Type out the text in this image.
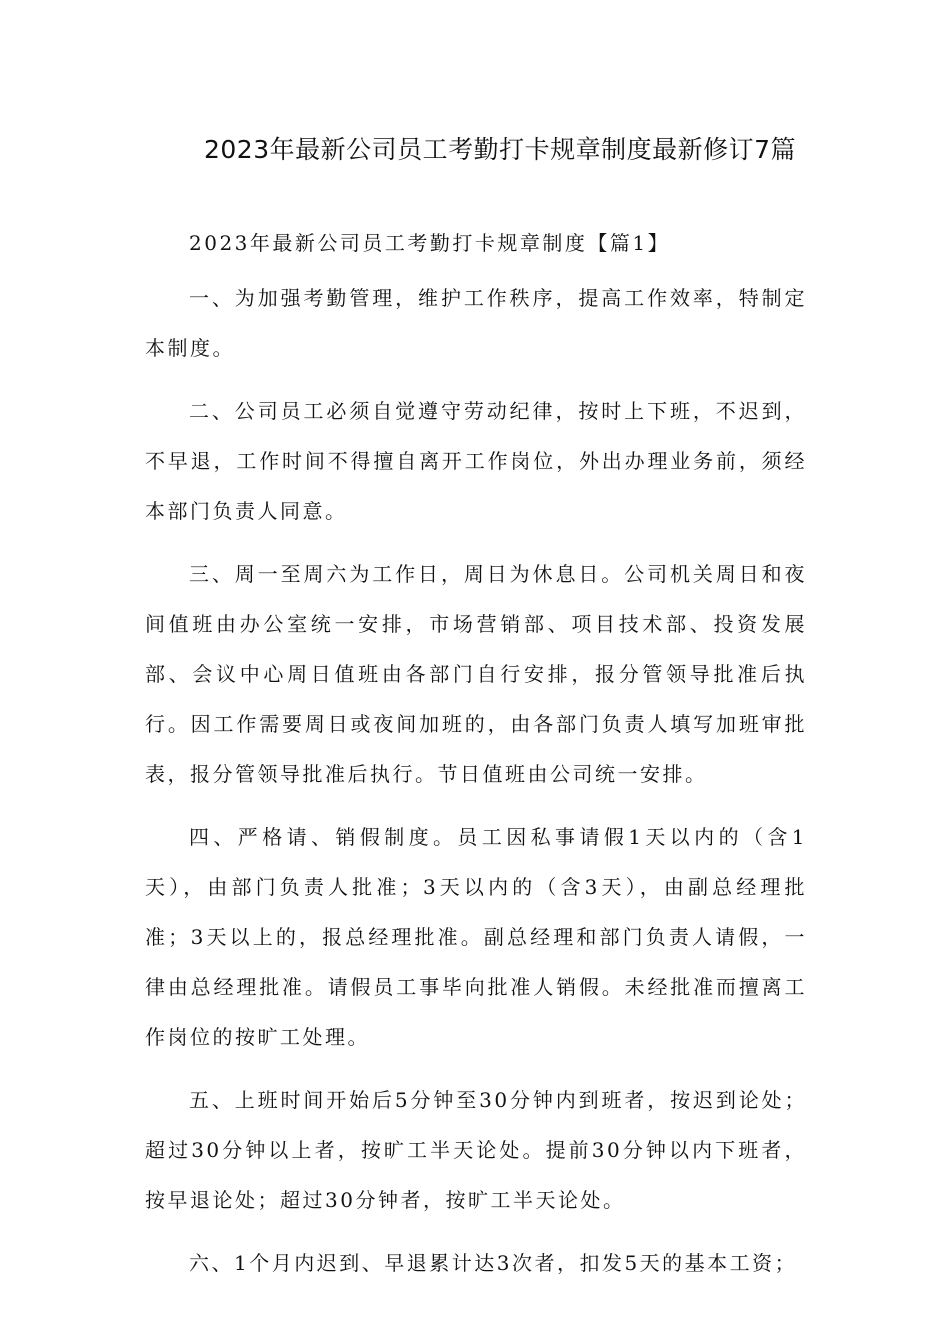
2023年最新公司员工考勤打卡规章制度最新修订7篇

2023年最新公司员工考勤打卡规章制度【篇1】

一、为加强考勤管理，维护工作秩序，提高工作效率，特制定本制度。

二、公司员工必须自觉遵守劳动纪律，按时上下班，不迟到，不早退，工作时间不得擅自离开工作岗位，外出办理业务前，须经本部门负责人同意。

三、周一至周六为工作日，周日为休息日。公司机关周日和夜间值班由办公室统一安排，市场营销部、项目技术部、投资发展部、会议中心周日值班由各部门自行安排，报分管领导批准后执行。因工作需要周日或夜间加班的，由各部门负责人填写加班审批表，报分管领导批准后执行。节日值班由公司统一安排。

四、严格请、销假制度。员工因私事请假1天以内的（含1天），由部门负责人批准；3天以内的（含3天），由副总经理批准；3天以上的，报总经理批准。副总经理和部门负责人请假，一律由总经理批准。请假员工事毕向批准人销假。未经批准而擅离工作岗位的按旷工处理。

五、上班时间开始后5分钟至30分钟内到班者，按迟到论处；超过30分钟以上者，按旷工半天论处。提前30分钟以内下班者，按早退论处；超过30分钟者，按旷工半天论处。

六、1个月内迟到、早退累计达3次者，扣发5天的基本工资；
